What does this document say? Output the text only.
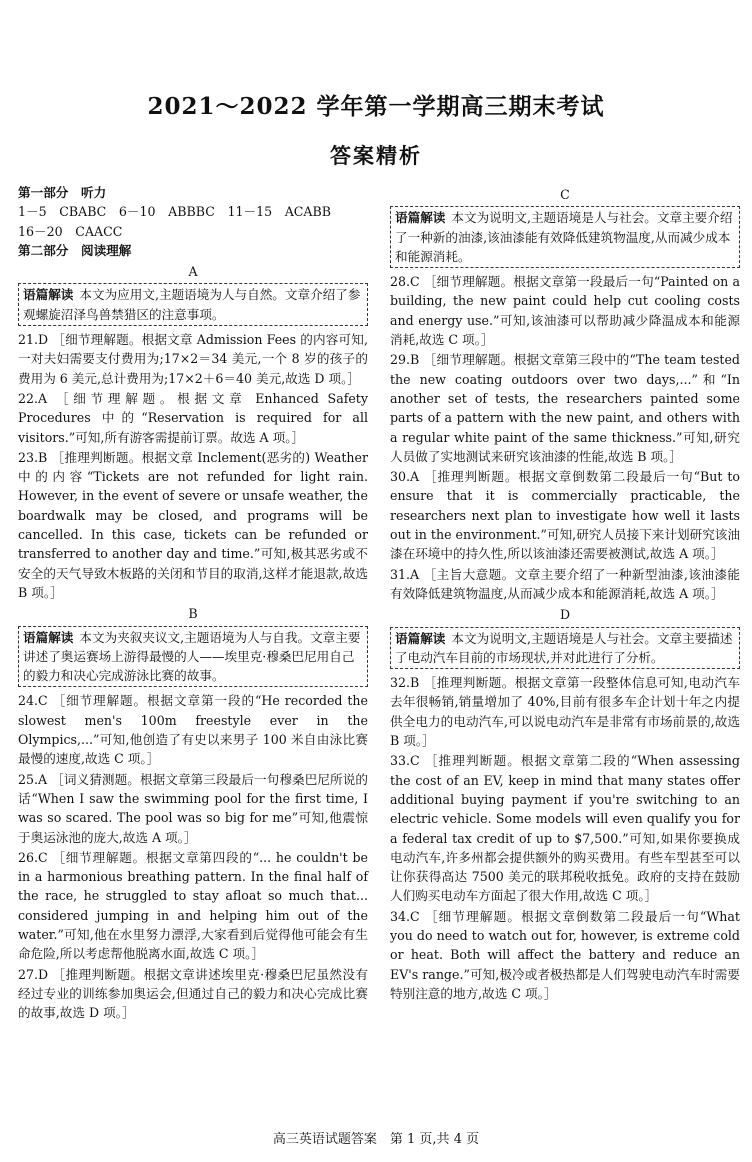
2021～2022 学年第一学期高三期末考试
答案精析
第一部分　听力
1－5　CBABC　6－10　ABBBC　11－15　ACABB
16－20　CAACC
第二部分　阅读理解
A
语篇解读 本文为应用文,主题语境为人与自然。文章介绍了参观螺旋沼泽鸟兽禁猎区的注意事项。
21.D ［细节理解题。根据文章 Admission Fees 的内容可知,一对夫妇需要支付费用为;17×2＝34 美元,一个 8 岁的孩子的费用为 6 美元,总计费用为;17×2＋6＝40 美元,故选 D 项。］
22.A ［细节理解题。根据文章 Enhanced Safety Procedures 中的“Reservation is required for all visitors.”可知,所有游客需提前订票。故选 A 项。］
23.B ［推理判断题。根据文章 Inclement(恶劣的) Weather 中的内容“Tickets are not refunded for light rain. However, in the event of severe or unsafe weather, the boardwalk may be closed, and programs will be cancelled. In this case, tickets can be refunded or transferred to another day and time.”可知,极其恶劣或不安全的天气导致木板路的关闭和节目的取消,这样才能退款,故选 B 项。］
B
语篇解读 本文为夹叙夹议文,主题语境为人与自我。文章主要讲述了奥运赛场上游得最慢的人——埃里克·穆桑巴尼用自己的毅力和决心完成游泳比赛的故事。
24.C ［细节理解题。根据文章第一段的“He recorded the slowest men's 100m freestyle ever in the Olympics,...”可知,他创造了有史以来男子 100 米自由泳比赛最慢的速度,故选 C 项。］
25.A ［词义猜测题。根据文章第三段最后一句穆桑巴尼所说的话“When I saw the swimming pool for the first time, I was so scared. The pool was so big for me”可知,他震惊于奥运泳池的庞大,故选 A 项。］
26.C ［细节理解题。根据文章第四段的“... he couldn't be in a harmonious breathing pattern. In the final half of the race, he struggled to stay afloat so much that... considered jumping in and helping him out of the water.”可知,他在水里努力漂浮,大家看到后觉得他可能会有生命危险,所以考虑帮他脱离水面,故选 C 项。］
27.D ［推理判断题。根据文章讲述埃里克·穆桑巴尼虽然没有经过专业的训练参加奥运会,但通过自己的毅力和决心完成比赛的故事,故选 D 项。］
C
语篇解读 本文为说明文,主题语境是人与社会。文章主要介绍了一种新的油漆,该油漆能有效降低建筑物温度,从而减少成本和能源消耗。
28.C ［细节理解题。根据文章第一段最后一句“Painted on a building, the new paint could help cut cooling costs and energy use.”可知,该油漆可以帮助减少降温成本和能源消耗,故选 C 项。］
29.B ［细节理解题。根据文章第三段中的“The team tested the new coating outdoors over two days,...”和“In another set of tests, the researchers painted some parts of a pattern with the new paint, and others with a regular white paint of the same thickness.”可知,研究人员做了实地测试来研究该油漆的性能,故选 B 项。］
30.A ［推理判断题。根据文章倒数第二段最后一句“But to ensure that it is commercially practicable, the researchers next plan to investigate how well it lasts out in the environment.”可知,研究人员接下来计划研究该油漆在环境中的持久性,所以该油漆还需要被测试,故选 A 项。］
31.A ［主旨大意题。文章主要介绍了一种新型油漆,该油漆能有效降低建筑物温度,从而减少成本和能源消耗,故选 A 项。］
D
语篇解读 本文为说明文,主题语境是人与社会。文章主要描述了电动汽车目前的市场现状,并对此进行了分析。
32.B ［推理判断题。根据文章第一段整体信息可知,电动汽车去年很畅销,销量增加了 40%,目前有很多车企计划十年之内提供全电力的电动汽车,可以说电动汽车是非常有市场前景的,故选 B 项。］
33.C ［推理判断题。根据文章第二段的“When assessing the cost of an EV, keep in mind that many states offer additional buying payment if you're switching to an electric vehicle. Some models will even qualify you for a federal tax credit of up to $7,500.”可知,如果你要换成电动汽车,许多州都会提供额外的购买费用。有些车型甚至可以让你获得高达 7500 美元的联邦税收抵免。政府的支持在鼓励人们购买电动车方面起了很大作用,故选 C 项。］
34.C ［细节理解题。根据文章倒数第二段最后一句“What you do need to watch out for, however, is extreme cold or heat. Both will affect the battery and reduce an EV's range.”可知,极冷或者极热都是人们驾驶电动汽车时需要特别注意的地方,故选 C 项。］
高三英语试题答案　第 1 页,共 4 页
